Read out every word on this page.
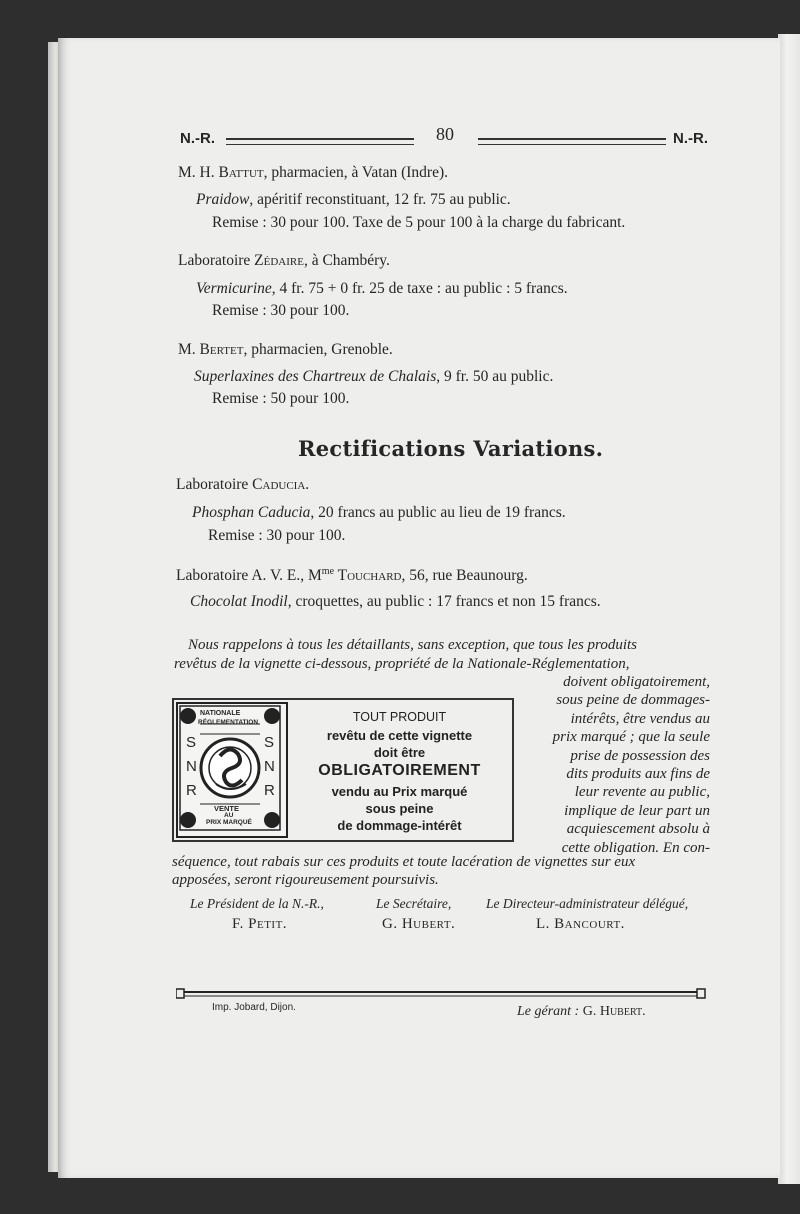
N.-R.	80	N.-R.
M. H. Battut, pharmacien, à Vatan (Indre).
Praidow, apéritif reconstituant, 12 fr. 75 au public.
Remise : 30 pour 100. Taxe de 5 pour 100 à la charge du fabricant.
Laboratoire Zédaire, à Chambéry.
Vermicurine, 4 fr. 75 + 0 fr. 25 de taxe : au public : 5 francs.
Remise : 30 pour 100.
M. Bertet, pharmacien, Grenoble.
Superlaxines des Chartreux de Chalais, 9 fr. 50 au public.
Remise : 50 pour 100.
Rectifications Variations.
Laboratoire Caducia.
Phosphan Caducia, 20 francs au public au lieu de 19 francs.
Remise : 30 pour 100.
Laboratoire A. V. E., $M^{me}$ Touchard, 56, rue Beaunourg.
Chocolat Inodil, croquettes, au public : 17 francs et non 15 francs.
Nous rappelons à tous les détaillants, sans exception, que tous les produits
revêtus de la vignette ci-dessous, propriété de la Nationale-Réglementation,
doivent obligatoirement,
sous peine de dommages-
intérêts, être vendus au
prix marqué ; que la seule
prise de possession des
dits produits aux fins de
leur revente au public,
implique de leur part un
acquiescement absolu à
cette obligation. En con-
séquence, tout rabais sur ces produits et toute lacération de vignettes sur eux
apposées, seront rigoureusement poursuivis.
NATIONALE
RÉGLEMENTATION
S
N
R
S
N
R
VENTE
AU
PRIX MARQUÉ
TOUT PRODUIT
revêtu de cette vignette
doit être
OBLIGATOIREMENT
vendu au Prix marqué
sous peine
de dommage-intérêt
Le Président de la N.-R.,
F. Petit.
Le Secrétaire,
G. Hubert.
Le Directeur-administrateur délégué,
L. Bancourt.
Imp. Jobard, Dijon.	Le gérant : G. Hubert.
